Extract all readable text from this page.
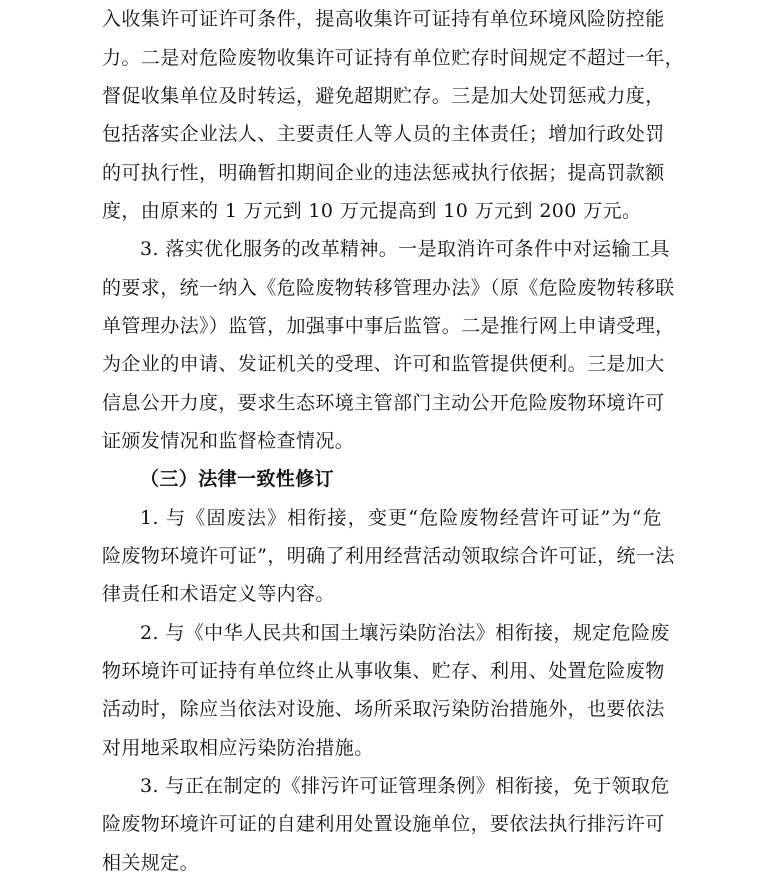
入收集许可证许可条件，提高收集许可证持有单位环境风险防控能
力。二是对危险废物收集许可证持有单位贮存时间规定不超过一年，
督促收集单位及时转运，避免超期贮存。三是加大处罚惩戒力度，
包括落实企业法人、主要责任人等人员的主体责任；增加行政处罚
的可执行性，明确暂扣期间企业的违法惩戒执行依据；提高罚款额
度，由原来的 1 万元到 10 万元提高到 10 万元到 200 万元。
3. 落实优化服务的改革精神。一是取消许可条件中对运输工具
的要求，统一纳入《危险废物转移管理办法》（原《危险废物转移联
单管理办法》）监管，加强事中事后监管。二是推行网上申请受理，
为企业的申请、发证机关的受理、许可和监管提供便利。三是加大
信息公开力度，要求生态环境主管部门主动公开危险废物环境许可
证颁发情况和监督检查情况。
（三）法律一致性修订
1. 与《固废法》相衔接，变更“危险废物经营许可证”为“危
险废物环境许可证”，明确了利用经营活动领取综合许可证，统一法
律责任和术语定义等内容。
2. 与《中华人民共和国土壤污染防治法》相衔接，规定危险废
物环境许可证持有单位终止从事收集、贮存、利用、处置危险废物
活动时，除应当依法对设施、场所采取污染防治措施外，也要依法
对用地采取相应污染防治措施。
3. 与正在制定的《排污许可证管理条例》相衔接，免于领取危
险废物环境许可证的自建利用处置设施单位，要依法执行排污许可
相关规定。
